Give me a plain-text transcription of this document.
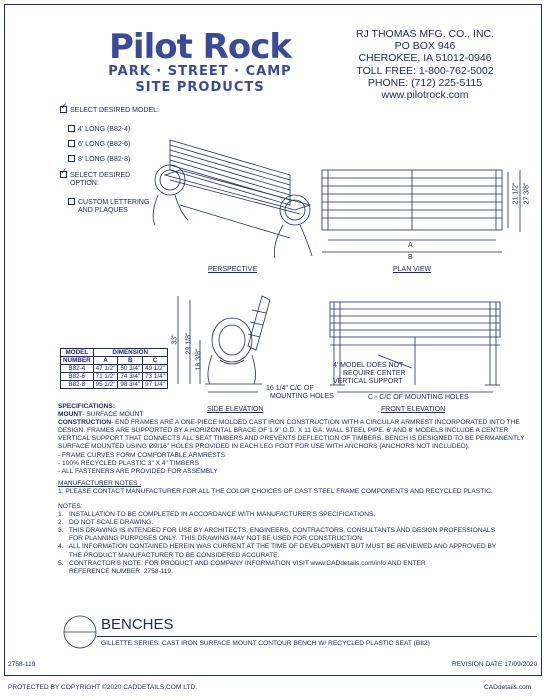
Pilot Rock
PARK · STREET · CAMP
SITE PRODUCTS
RJ THOMAS MFG. CO., INC.
PO BOX 946
CHEROKEE, IA 51012-0946
TOLL FREE: 1-800-762-5002
PHONE: (712) 225-5115
www.pilotrock.com
✓SELECT DESIRED MODEL:
4' LONG (B82-4)
6' LONG (B82-6)
8' LONG (B82-8)
✓SELECT DESIRED
OPTION:
CUSTOM LETTERING
AND PLAQUES
PERSPECTIVE	PLAN VIEW
SIDE ELEVATION	FRONT ELEVATION
A
B
21 1/2" 27 3/8"
33" 29 1/8"
18 3/8"
16 1/4" C/C OF
MOUNTING HOLES
4' MODEL DOES NOT
REQUIRE CENTER
VERTICAL SUPPORT
C - C/C OF MOUNTING HOLES
MODEL	DIMENSION		
NUMBER	A	B	C
B82-4	47 1/2"	50 3/4"	49 1/2"
B82-6	71 1/2"	74 3/4"	73 1/4"
B82-8	95 1/2"	98 3/4"	97 1/4"
SPECIFICATIONS:
MOUNT- SURFACE MOUNT
CONSTRUCTION- END FRAMES ARE A ONE-PIECE MOLDED CAST IRON CONSTRUCTION WITH A CIRCULAR ARMREST INCORPORATED INTO THE DESIGN. FRAMES ARE SUPPORTED BY A HORIZONTAL BRACE OF 1.9" O.D. X 11 GA. WALL STEEL PIPE. 6' AND 8' MODELS INCLUDE A CENTER VERTICAL SUPPORT THAT CONNECTS ALL SEAT TIMBERS AND PREVENTS DEFLECTION OF TIMBERS. BENCH IS DESIGNED TO BE PERMANENTLY SURFACE MOUNTED USING Ø9/16" HOLES PROVIDED IN EACH LEG FOOT FOR USE WITH ANCHORS (ANCHORS NOT INCLUDED).
- FRAME CURVES FORM COMFORTABLE ARMRESTS
- 100% RECYCLED PLASTIC 3" X 4" TIMBERS
- ALL FASTENERS ARE PROVIDED FOR ASSEMBLY
MANUFACTURER NOTES :
1. PLEASE CONTACT MANUFACTURER FOR ALL THE COLOR CHOICES OF CAST STEEL FRAME COMPONENTS AND RECYCLED PLASTIC.
NOTES:
1.   INSTALLATION TO BE COMPLETED IN ACCORDANCE WITH MANUFACTURER'S SPECIFICATIONS.
2.   DO NOT SCALE DRAWING.
3.   THIS DRAWING IS INTENDED FOR USE BY ARCHITECTS, ENGINEERS, CONTRACTORS, CONSULTANTS AND DESIGN PROFESSIONALS
FOR PLANNING PURPOSES ONLY.  THIS DRAWING MAY NOT BE USED FOR CONSTRUCTION.
4.   ALL INFORMATION CONTAINED HEREIN WAS CURRENT AT THE TIME OF DEVELOPMENT BUT MUST BE REVIEWED AND APPROVED BY
THE PRODUCT MANUFACTURER TO BE CONSIDERED ACCURATE.
5.   CONTRACTOR'S NOTE: FOR PRODUCT AND COMPANY INFORMATION VISIT www.CADdetails.com/info AND ENTER
REFERENCE NUMBER  2758-119.
BENCHES
GILLETTE SERIES: CAST IRON SURFACE MOUNT CONTOUR BENCH W/ RECYCLED PLASTIC SEAT (B82)
2758-119	REVISION DATE 17/09/2020
PROTECTED BY COPYRIGHT ©2020 CADDETAILS.COM LTD.	CADdetails.com
